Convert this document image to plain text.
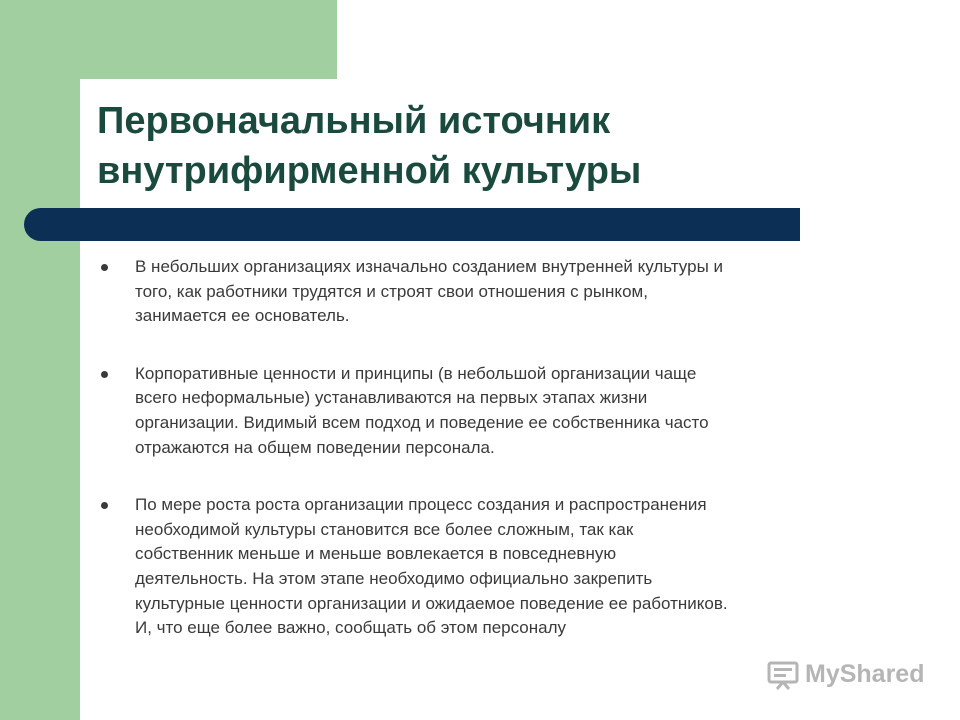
Первоначальный источник
внутрифирменной культуры
В небольших организациях изначально созданием внутренней культуры и
того, как работники трудятся и строят свои отношения с рынком,
занимается ее основатель.
Корпоративные ценности и принципы (в небольшой организации чаще
всего неформальные) устанавливаются на первых этапах жизни
организации. Видимый всем подход и поведение ее собственника часто
отражаются на общем поведении персонала.
По мере роста роста организации процесс создания и распространения
необходимой культуры становится все более сложным, так как
собственник меньше и меньше вовлекается в повседневную
деятельность. На этом этапе необходимо официально закрепить
культурные ценности организации и ожидаемое поведение ее работников.
И, что еще более важно, сообщать об этом персоналу
MyShared
